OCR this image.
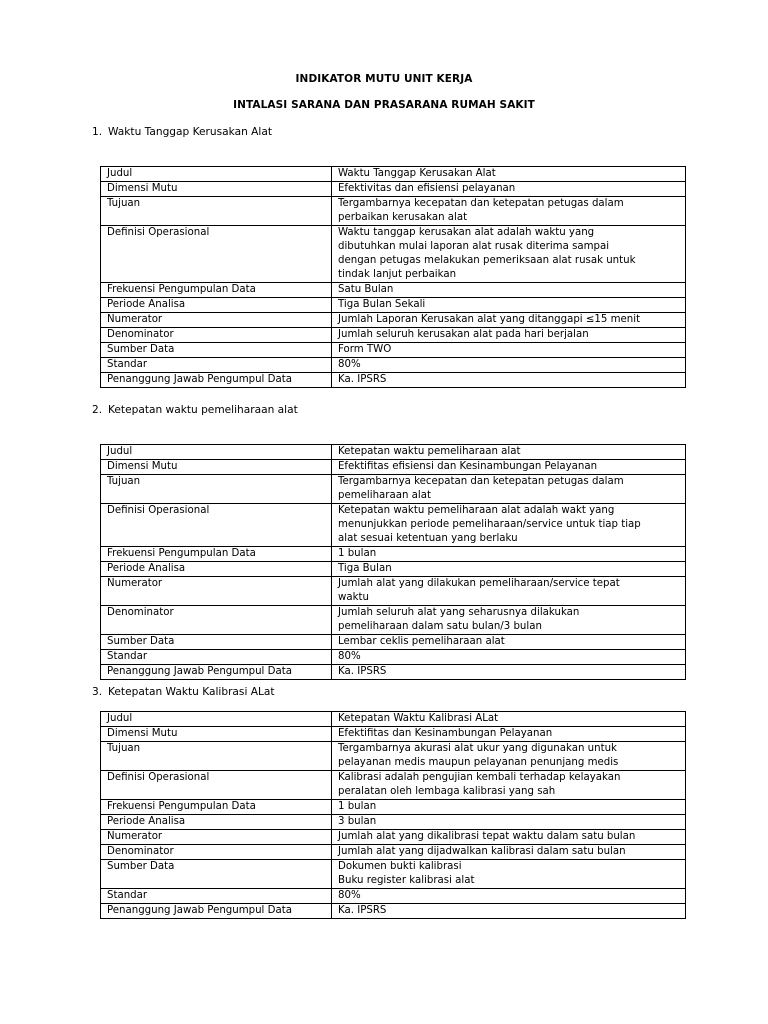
INDIKATOR MUTU UNIT KERJA
INTALASI SARANA DAN PRASARANA RUMAH SAKIT
1. Waktu Tanggap Kerusakan Alat
Judul	Waktu Tanggap Kerusakan Alat

Dimensi Mutu	Efektivitas dan efisiensi pelayanan

Tujuan	Tergambarnya kecepatan dan ketepatan petugas dalam
perbaikan kerusakan alat

Definisi Operasional	Waktu tanggap kerusakan alat adalah waktu yang
dibutuhkan mulai laporan alat rusak diterima sampai
dengan petugas melakukan pemeriksaan alat rusak untuk
tindak lanjut perbaikan

Frekuensi Pengumpulan Data	Satu Bulan

Periode Analisa	Tiga Bulan Sekali

Numerator	Jumlah Laporan Kerusakan alat yang ditanggapi ≤15 menit

Denominator	Jumlah seluruh kerusakan alat pada hari berjalan

Sumber Data	Form TWO

Standar	80%

Penanggung Jawab Pengumpul Data	Ka. IPSRS
2. Ketepatan waktu pemeliharaan alat
Judul	Ketepatan waktu pemeliharaan alat

Dimensi Mutu	Efektifitas efisiensi dan Kesinambungan Pelayanan

Tujuan	Tergambarnya kecepatan dan ketepatan petugas dalam
pemeliharaan alat

Definisi Operasional	Ketepatan waktu pemeliharaan alat adalah wakt yang
menunjukkan periode pemeliharaan/service untuk tiap tiap
alat sesuai ketentuan yang berlaku

Frekuensi Pengumpulan Data	1 bulan

Periode Analisa	Tiga Bulan

Numerator	Jumlah alat yang dilakukan pemeliharaan/service tepat
waktu

Denominator	Jumlah seluruh alat yang seharusnya dilakukan
pemeliharaan dalam satu bulan/3 bulan

Sumber Data	Lembar ceklis pemeliharaan alat

Standar	80%

Penanggung Jawab Pengumpul Data	Ka. IPSRS
3. Ketepatan Waktu Kalibrasi ALat
Judul	Ketepatan Waktu Kalibrasi ALat

Dimensi Mutu	Efektifitas dan Kesinambungan Pelayanan

Tujuan	Tergambarnya akurasi alat ukur yang digunakan untuk
pelayanan medis maupun pelayanan penunjang medis

Definisi Operasional	Kalibrasi adalah pengujian kembali terhadap kelayakan
peralatan oleh lembaga kalibrasi yang sah

Frekuensi Pengumpulan Data	1 bulan

Periode Analisa	3 bulan

Numerator	Jumlah alat yang dikalibrasi tepat waktu dalam satu bulan

Denominator	Jumlah alat yang dijadwalkan kalibrasi dalam satu bulan

Sumber Data	Dokumen bukti kalibrasi
Buku register kalibrasi alat

Standar	80%

Penanggung Jawab Pengumpul Data	Ka. IPSRS
